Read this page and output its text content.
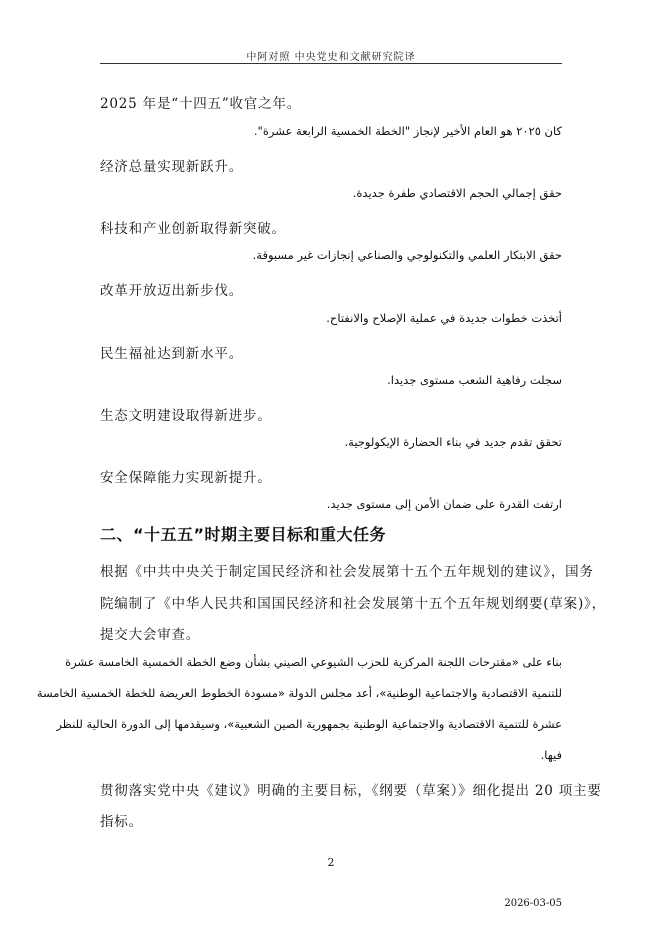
中阿对照 中央党史和文献研究院译
2025 年是“十四五”收官之年。
كان ٢٠٢٥ هو العام الأخير لإنجاز "الخطة الخمسية الرابعة عشرة".
经济总量实现新跃升。
حقق إجمالي الحجم الاقتصادي طفرة جديدة.
科技和产业创新取得新突破。
حقق الابتكار العلمي والتكنولوجي والصناعي إنجازات غير مسبوقة.
改革开放迈出新步伐。
أتخذت خطوات جديدة في عملية الإصلاح والانفتاح.
民生福祉达到新水平。
سجلت رفاهية الشعب مستوى جديدا.
生态文明建设取得新进步。
تحقق تقدم جديد في بناء الحضارة الإيكولوجية.
安全保障能力实现新提升。
ارتفت القدرة على ضمان الأمن إلى مستوى جديد.
二、“十五五”时期主要目标和重大任务
根据《中共中央关于制定国民经济和社会发展第十五个五年规划的建议》，国务
院编制了《中华人民共和国国民经济和社会发展第十五个五年规划纲要(草案)》，
提交大会审查。
بناء على «مقترحات اللجنة المركزية للحزب الشيوعي الصيني بشأن وضع الخطة الخمسية الخامسة عشرة
للتنمية الاقتصادية والاجتماعية الوطنية»، أعد مجلس الدولة «مسودة الخطوط العريضة للخطة الخمسية الخامسة
عشرة للتنمية الاقتصادية والاجتماعية الوطنية بجمهورية الصين الشعبية»، وسيقدمها إلى الدورة الحالية للنظر
فيها.
贯彻落实党中央《建议》明确的主要目标，《纲要（草案）》细化提出 20 项主要
指标。
2
2026-03-05
